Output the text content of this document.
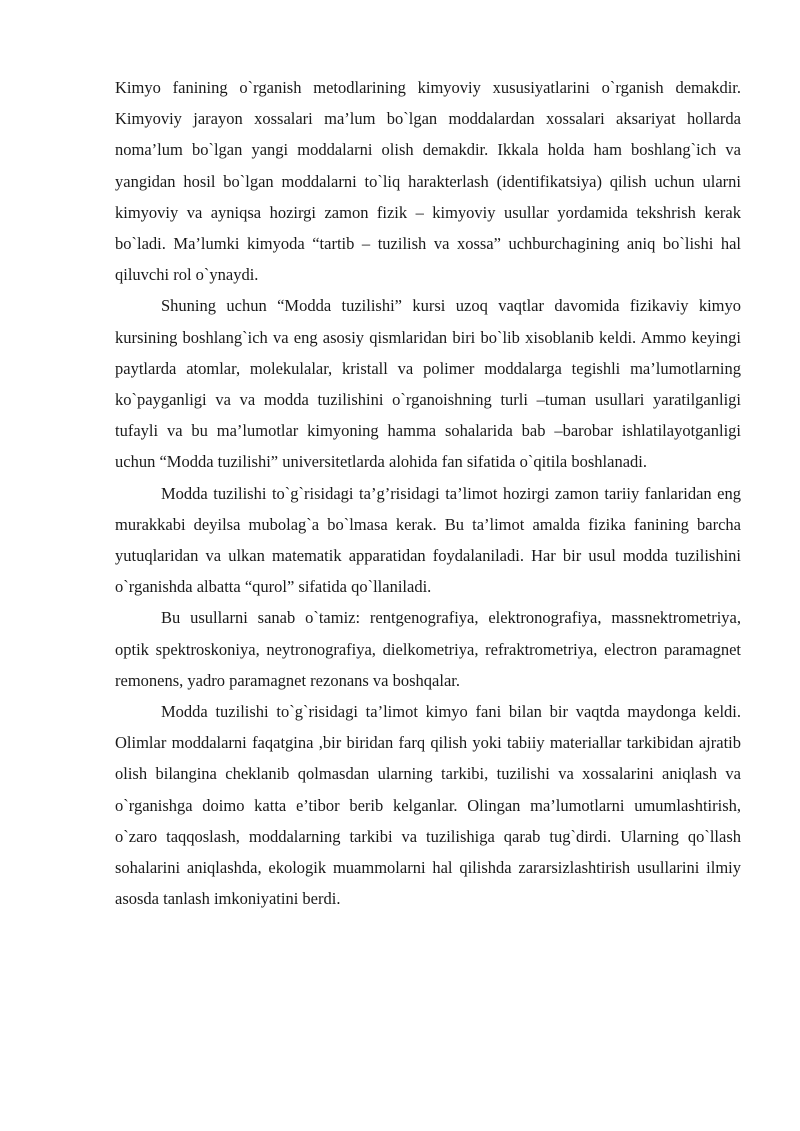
Kimyo fanining o`rganish metodlarining kimyoviy xususiyatlarini o`rganish demakdir. Kimyoviy jarayon xossalari ma’lum bo`lgan moddalardan xossalari aksariyat hollarda noma’lum bo`lgan yangi moddalarni olish demakdir. Ikkala holda ham boshlang`ich va yangidan hosil bo`lgan moddalarni to`liq harakterlash (identifikatsiya) qilish uchun ularni kimyoviy va ayniqsa hozirgi zamon fizik – kimyoviy usullar yordamida tekshrish kerak bo`ladi. Ma’lumki kimyoda “tartib – tuzilish va xossa” uchburchagining aniq bo`lishi hal qiluvchi rol o`ynaydi.

Shuning uchun “Modda tuzilishi” kursi uzoq vaqtlar davomida fizikaviy kimyo kursining boshlang`ich va eng asosiy qismlaridan biri bo`lib xisoblanib keldi. Ammo keyingi paytlarda atomlar, molekulalar, kristall va polimer moddalarga tegishli ma’lumotlarning ko`payganligi va va modda tuzilishini o`rganoishning turli –tuman usullari yaratilganligi tufayli va bu ma’lumotlar kimyoning hamma sohalarida bab –barobar ishlatilayotganligi uchun “Modda tuzilishi” universitetlarda alohida fan sifatida o`qitila boshlanadi.

Modda tuzilishi to`g`risidagi ta’g’risidagi ta’limot hozirgi zamon tariiy fanlaridan eng murakkabi deyilsa mubolag`a bo`lmasa kerak. Bu ta’limot amalda fizika fanining barcha yutuqlaridan va ulkan matematik apparatidan foydalaniladi. Har bir usul modda tuzilishini o`rganishda albatta “qurol” sifatida qo`llaniladi.

Bu usullarni sanab o`tamiz: rentgenografiya, elektronografiya, massnektrometriya, optik spektroskoniya, neytronografiya, dielkometriya, refraktrometriya, electron paramagnet remonens, yadro paramagnet rezonans va boshqalar.

Modda tuzilishi to`g`risidagi ta’limot kimyo fani bilan bir vaqtda maydonga keldi. Olimlar moddalarni faqatgina ,bir biridan farq qilish yoki tabiiy materiallar tarkibidan ajratib olish bilangina cheklanib qolmasdan ularning tarkibi, tuzilishi va xossalarini aniqlash va o`rganishga doimo katta e’tibor berib kelganlar. Olingan ma’lumotlarni umumlashtirish, o`zaro taqqoslash, moddalarning tarkibi va tuzilishiga qarab tug`dirdi. Ularning qo`llash sohalarini aniqlashda, ekologik muammolarni hal qilishda zararsizlashtirish usullarini ilmiy asosda tanlash imkoniyatini berdi.
